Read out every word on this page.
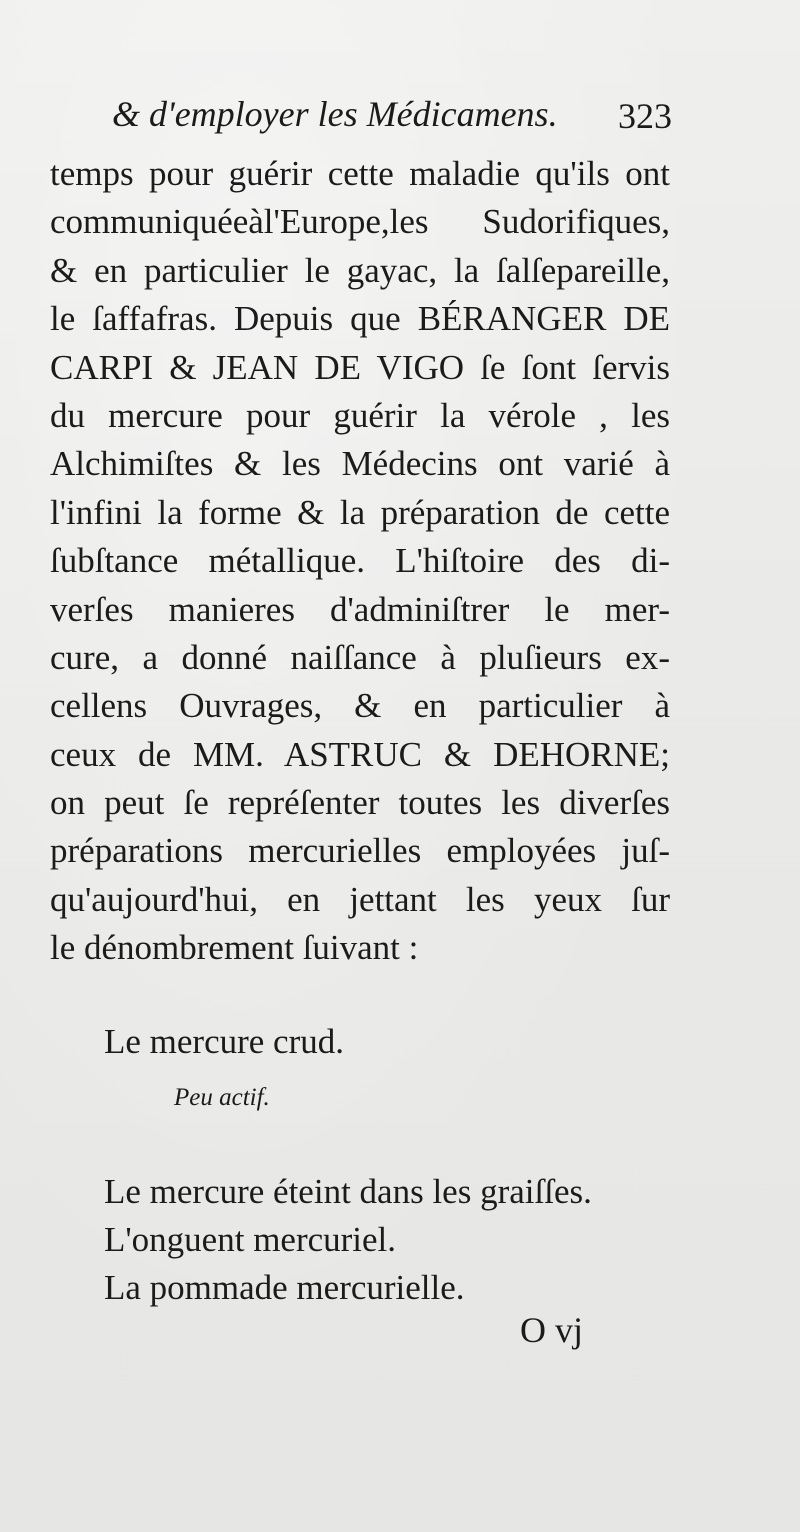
& d'employer les Médicamens. 323
temps pour guérir cette maladie qu'ils ont
communiquéeàl'Europe,les Sudorifiques,
& en particulier le gayac, la ſalſepareille,
le ſaffafras. Depuis que BÉRANGER DE
CARPI & JEAN DE VIGO ſe ſont ſervis
du mercure pour guérir la vérole , les
Alchimiſtes & les Médecins ont varié à
l'infini la forme & la préparation de cette
ſubſtance métallique. L'hiſtoire des di-
verſes manieres d'adminiſtrer le mer-
cure, a donné naiſſance à pluſieurs ex-
cellens Ouvrages, & en particulier à
ceux de MM. ASTRUC & DEHORNE;
on peut ſe repréſenter toutes les diverſes
préparations mercurielles employées juſ-
qu'aujourd'hui, en jettant les yeux ſur
le dénombrement ſuivant :
Le mercure crud.
Peu actif.
Le mercure éteint dans les graiſſes.
L'onguent mercuriel.
La pommade mercurielle.
O vj
